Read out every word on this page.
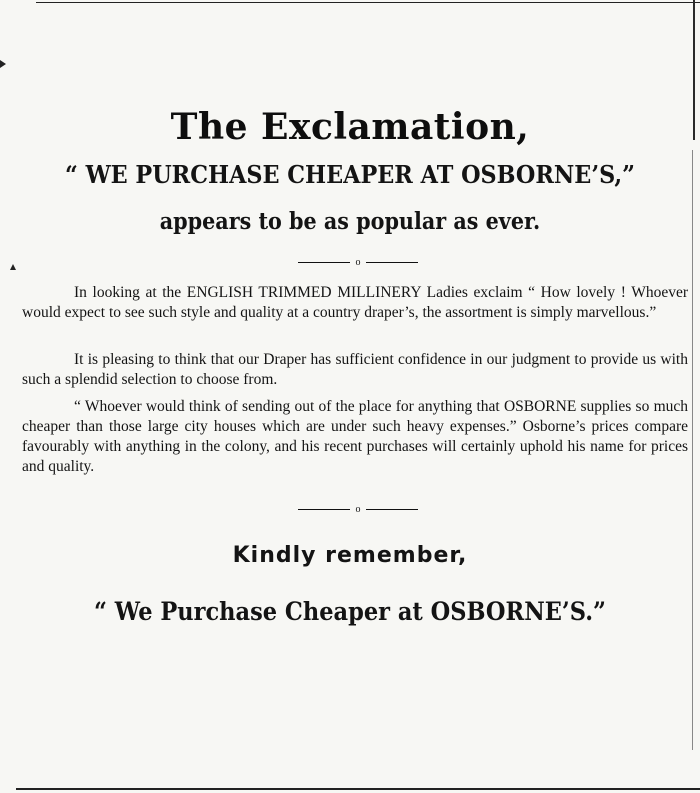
The Exclamation,
“ WE PURCHASE CHEAPER AT OSBORNE’S,”
appears to be as popular as ever.
o
In looking at the ENGLISH TRIMMED MILLINERY Ladies exclaim “ How lovely ! Whoever would expect to see such style and quality at a country draper’s, the assortment is simply marvellous.”
It is pleasing to think that our Draper has sufficient confidence in our judgment to provide us with such a splendid selection to choose from.
“ Whoever would think of sending out of the place for anything that OSBORNE supplies so much cheaper than those large city houses which are under such heavy expenses.” Osborne’s prices compare favourably with anything in the colony, and his recent purchases will certainly uphold his name for prices and quality.
o
Kindly remember,
“ We Purchase Cheaper at OSBORNE’S.”
